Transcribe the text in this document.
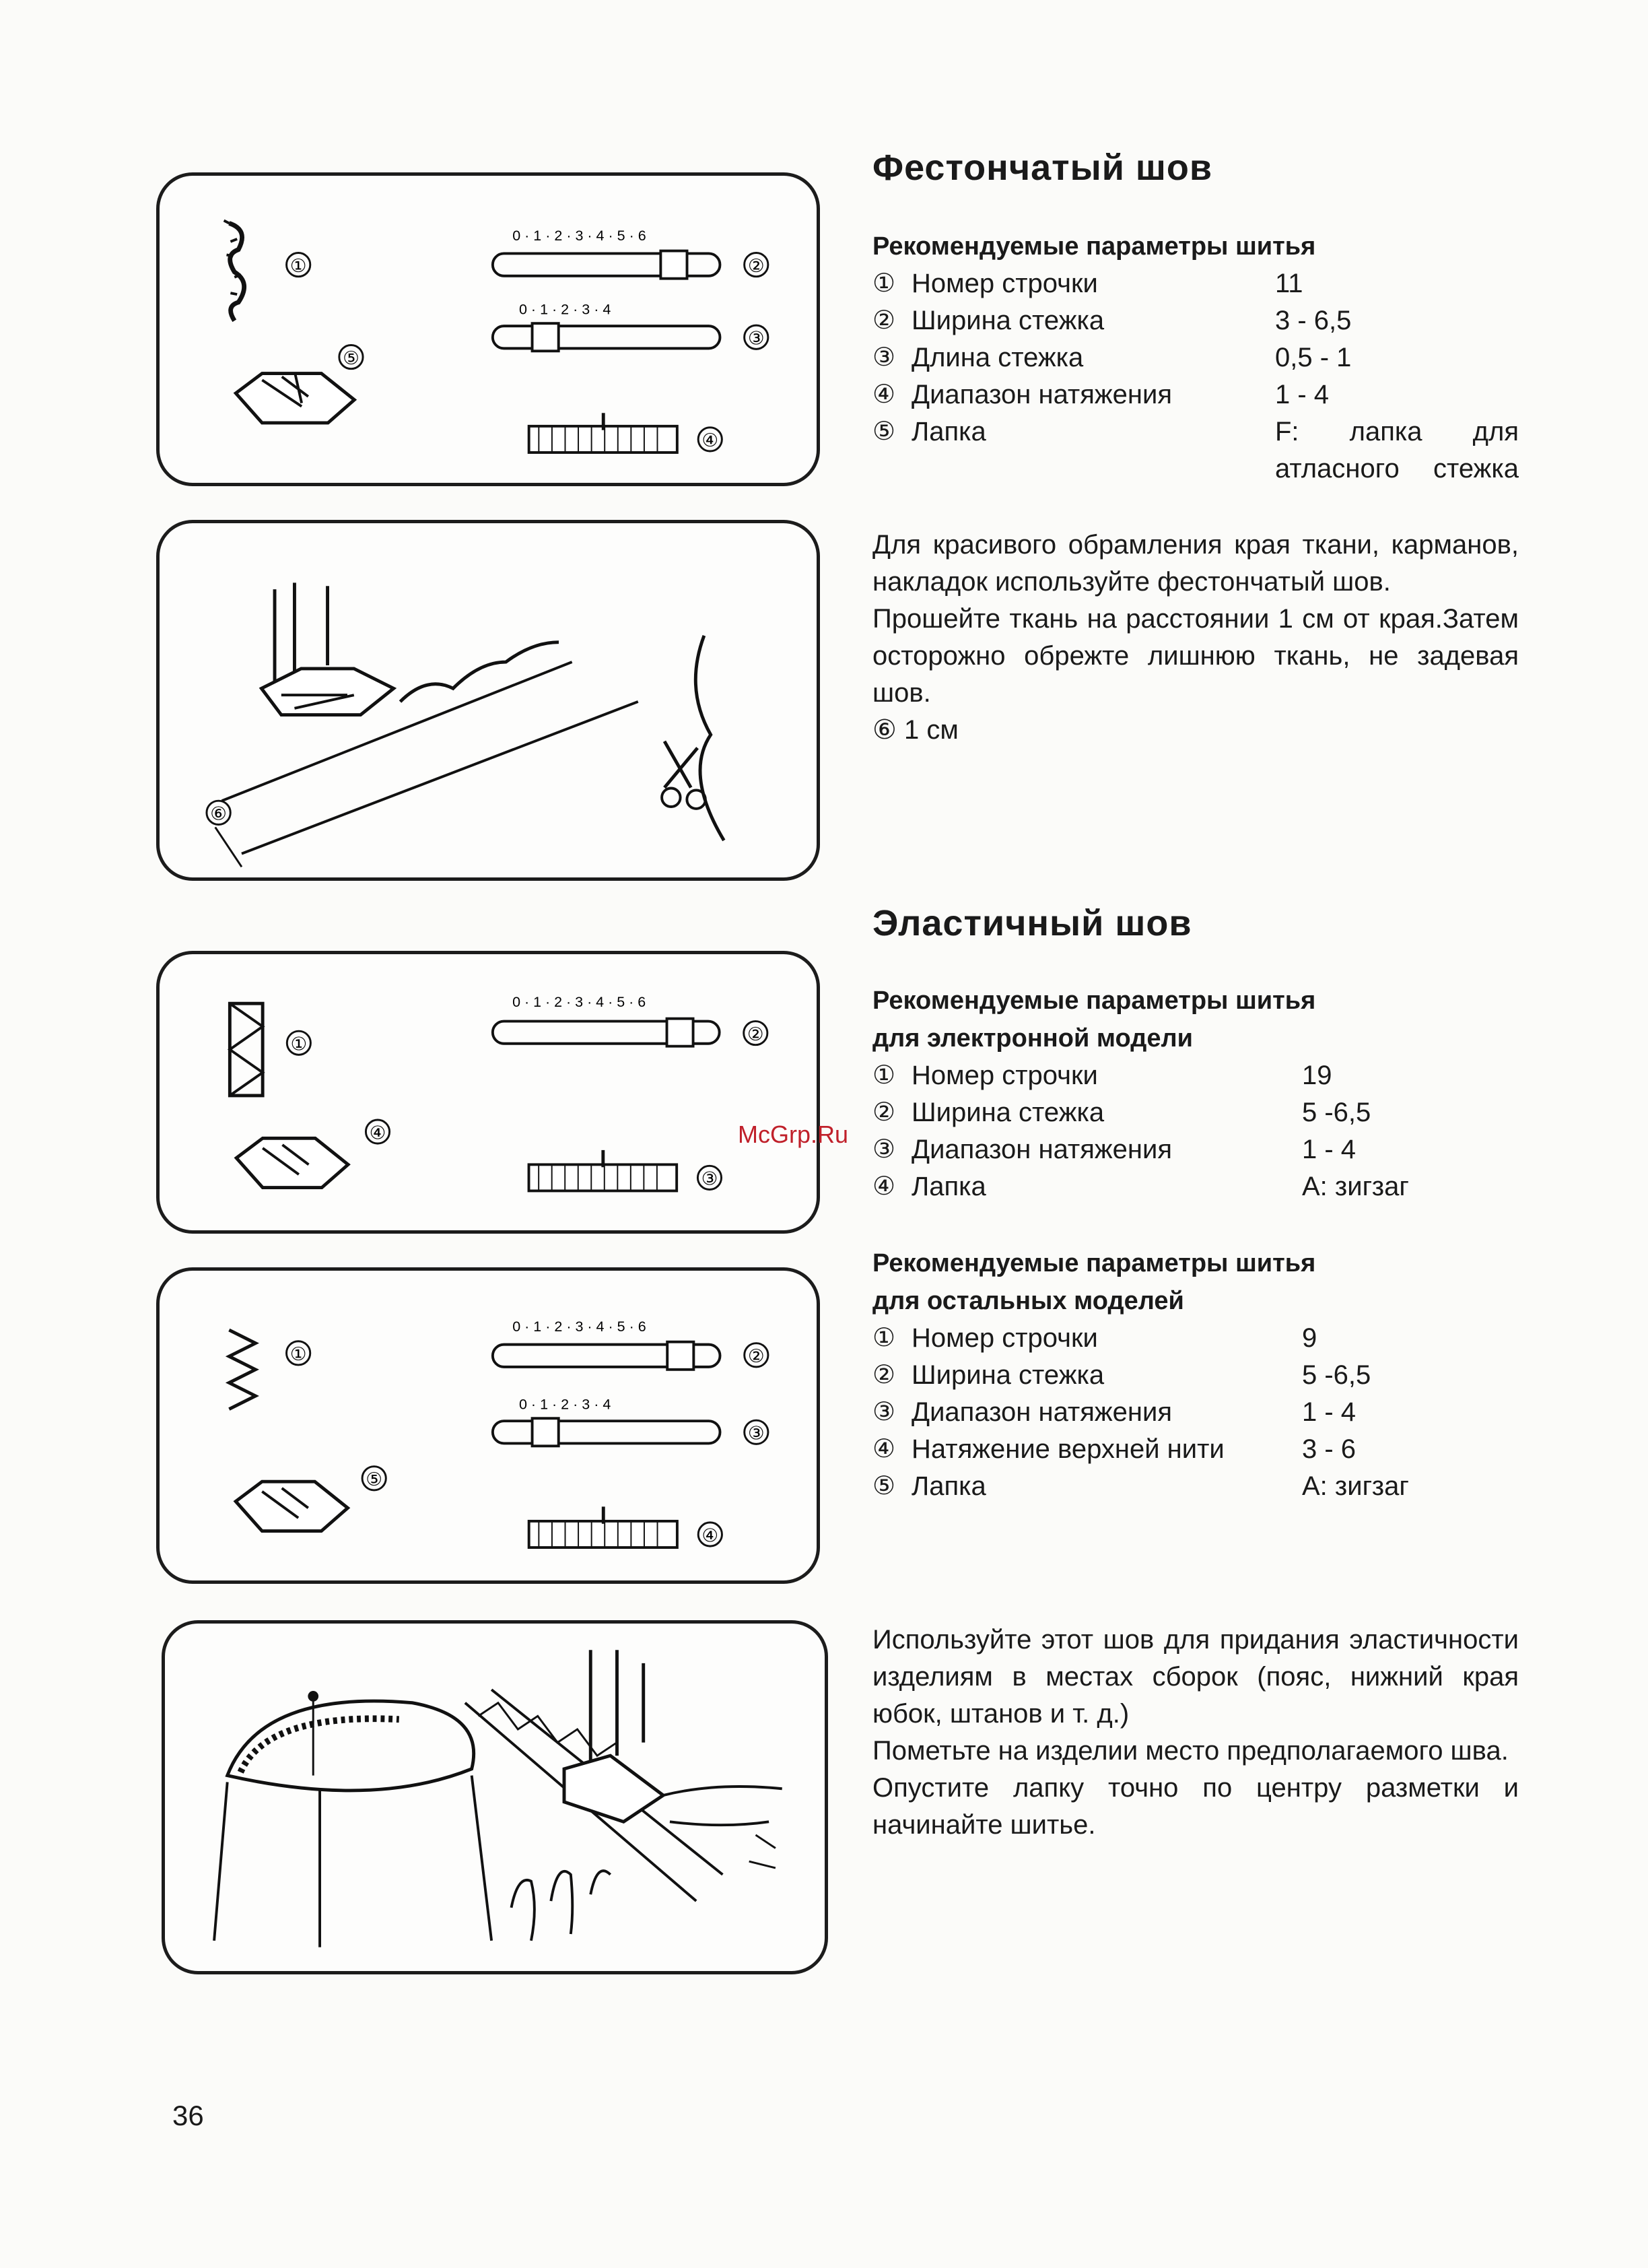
①
0 · 1 · 2 · 3 · 4 · 5 · 6
②
0 · 1 · 2 · 3 · 4
③
⑤
④
⑥
①
0 · 1 · 2 · 3 · 4 · 5 · 6
②
④
③
①
0 · 1 · 2 · 3 · 4 · 5 · 6
②
0 · 1 · 2 · 3 · 4
③
⑤
④
Фестончатый шов
Рекомендуемые параметры шитья
① Номер строчки	11
② Ширина стежка	3 - 6,5
③ Длина стежка	0,5 - 1
④ Диапазон натяжения	1 - 4
⑤ Лапка	F: лапка для атласного стежка

Для красивого обрамления края ткани, карманов, накладок используйте фестончатый шов.

Прошейте ткань на расстоянии 1 см от края.Затем осторожно обрежте лишнюю ткань, не задевая шов.

⑥ 1 см

Эластичный шов
Рекомендуемые параметры шитья
для электронной модели
① Номер строчки	19
② Ширина стежка	5 -6,5
③ Диапазон натяжения	1 - 4
④ Лапка	А: зигзаг
Рекомендуемые параметры шитья
для остальных моделей
① Номер строчки	9
② Ширина стежка	5 -6,5
③ Диапазон натяжения	1 - 4
④ Натяжение верхней нити	3 - 6
⑤ Лапка	А: зигзаг

Используйте этот шов для придания эластичности изделиям в местах сборок (пояс, нижний края юбок, штанов и т. д.)

Пометьте на изделии место предполагаемого шва.

Опустите лапку точно по центру разметки и начинайте шитье.

McGrp.Ru
36
